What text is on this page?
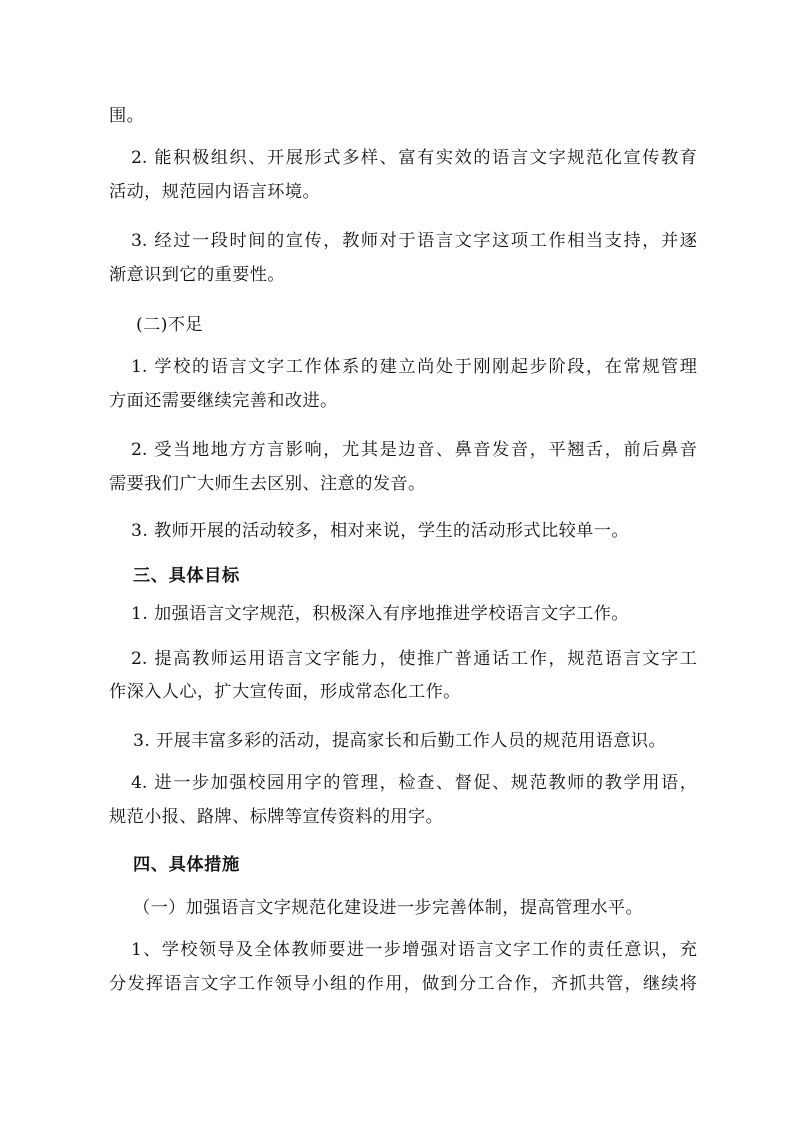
围。
2. 能积极组织、开展形式多样、富有实效的语言文字规范化宣传教育
活动，规范园内语言环境。
3. 经过一段时间的宣传，教师对于语言文字这项工作相当支持，并逐
渐意识到它的重要性。
(二)不足
1. 学校的语言文字工作体系的建立尚处于刚刚起步阶段，在常规管理
方面还需要继续完善和改进。
2. 受当地地方方言影响，尤其是边音、鼻音发音，平翘舌，前后鼻音
需要我们广大师生去区别、注意的发音。
3. 教师开展的活动较多，相对来说，学生的活动形式比较单一。
三、具体目标
1. 加强语言文字规范，积极深入有序地推进学校语言文字工作。
2. 提高教师运用语言文字能力，使推广普通话工作，规范语言文字工
作深入人心，扩大宣传面，形成常态化工作。
3. 开展丰富多彩的活动，提高家长和后勤工作人员的规范用语意识。
4. 进一步加强校园用字的管理，检查、督促、规范教师的教学用语，
规范小报、路牌、标牌等宣传资料的用字。
四、具体措施
（一）加强语言文字规范化建设进一步完善体制，提高管理水平。
1、学校领导及全体教师要进一步增强对语言文字工作的责任意识，充
分发挥语言文字工作领导小组的作用，做到分工合作，齐抓共管，继续将
